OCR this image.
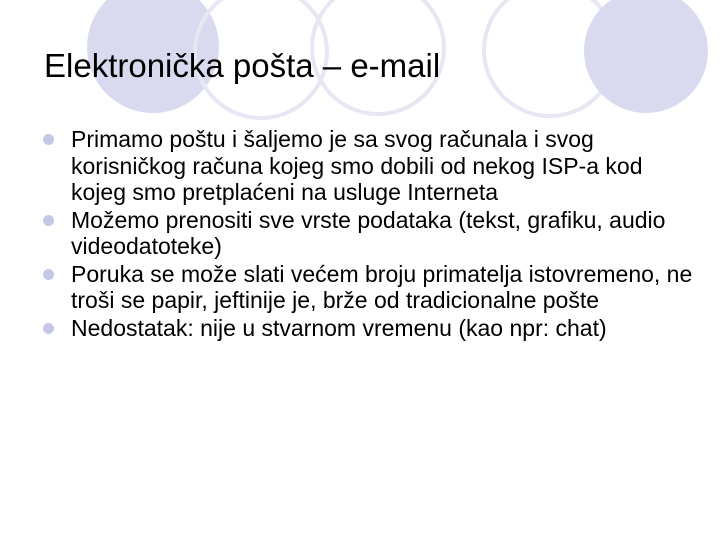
Elektronička pošta – e-mail
Primamo poštu i šaljemo je sa svog računala i svog korisničkog računa kojeg smo dobili od nekog ISP-a kod kojeg smo pretplaćeni na usluge Interneta
Možemo prenositi sve vrste podataka (tekst, grafiku, audio videodatoteke)
Poruka se može slati većem broju primatelja istovremeno, ne troši se papir, jeftinije je, brže od tradicionalne pošte
Nedostatak: nije u stvarnom vremenu (kao npr: chat)
